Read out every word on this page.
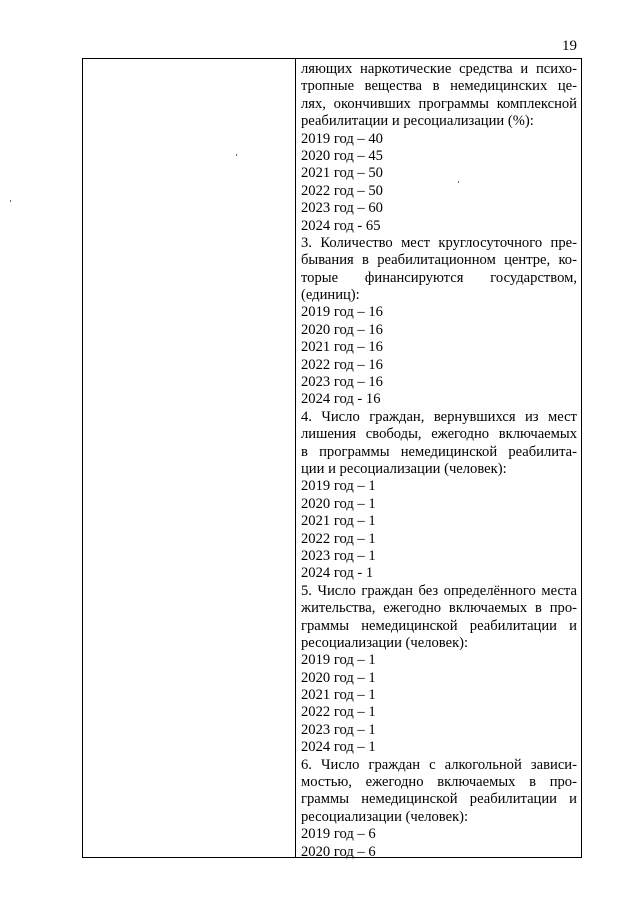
19
ляющих наркотические средства и психо-
тропные вещества в немедицинских це-
лях, окончивших программы комплексной
реабилитации и ресоциализации (%):
2019 год – 40
2020 год – 45
2021 год – 50
2022 год – 50
2023 год – 60
2024 год - 65
3. Количество мест круглосуточного пре-
бывания в реабилитационном центре, ко-
торые финансируются государством,
(единиц):
2019 год – 16
2020 год – 16
2021 год – 16
2022 год – 16
2023 год – 16
2024 год - 16
4. Число граждан, вернувшихся из мест
лишения свободы, ежегодно включаемых
в программы немедицинской реабилита-
ции и ресоциализации (человек):
2019 год – 1
2020 год – 1
2021 год – 1
2022 год – 1
2023 год – 1
2024 год - 1
5. Число граждан без определённого места
жительства, ежегодно включаемых в про-
граммы немедицинской реабилитации и
ресоциализации (человек):
2019 год – 1
2020 год – 1
2021 год – 1
2022 год – 1
2023 год – 1
2024 год – 1
6. Число граждан с алкогольной зависи-
мостью, ежегодно включаемых в про-
граммы немедицинской реабилитации и
ресоциализации (человек):
2019 год – 6
2020 год – 6
